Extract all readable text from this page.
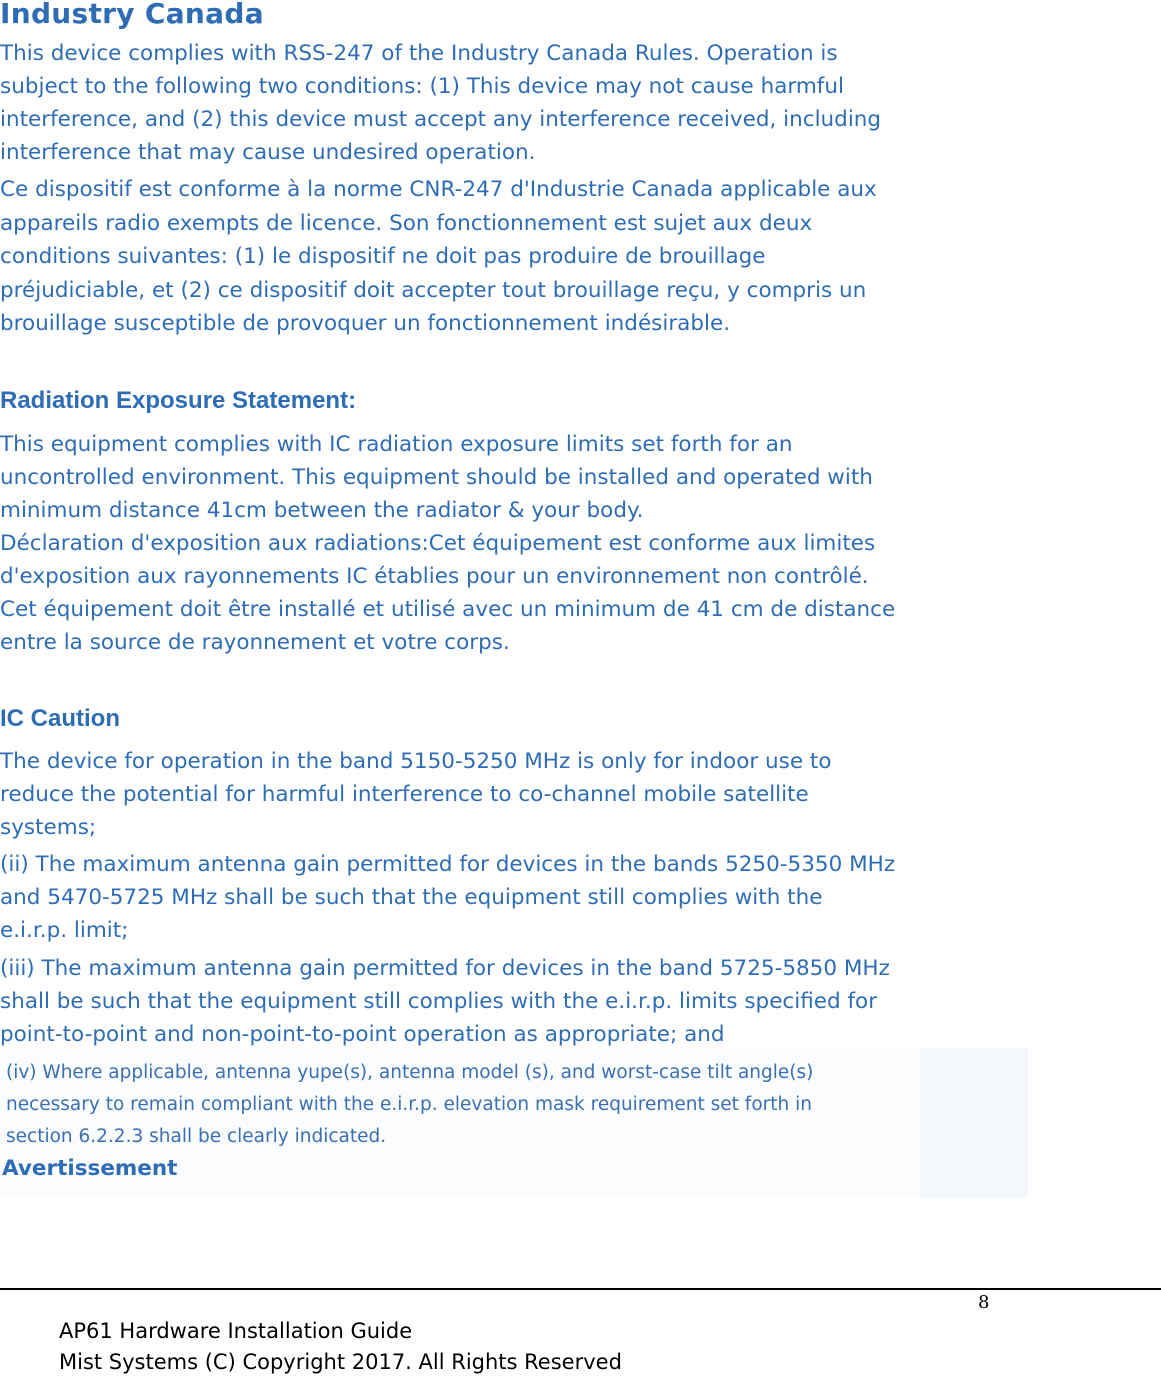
Industry Canada

This device complies with RSS-247 of the Industry Canada Rules. Operation is
subject to the following two conditions: (1) This device may not cause harmful
interference, and (2) this device must accept any interference received, including
interference that may cause undesired operation.

Ce dispositif est conforme à la norme CNR-247 d'Industrie Canada applicable aux
appareils radio exempts de licence. Son fonctionnement est sujet aux deux
conditions suivantes: (1) le dispositif ne doit pas produire de brouillage
préjudiciable, et (2) ce dispositif doit accepter tout brouillage reçu, y compris un
brouillage susceptible de provoquer un fonctionnement indésirable.

Radiation Exposure Statement:

This equipment complies with IC radiation exposure limits set forth for an
uncontrolled environment. This equipment should be installed and operated with
minimum distance 41cm between the radiator & your body.
Déclaration d'exposition aux radiations:Cet équipement est conforme aux limites
d'exposition aux rayonnements IC établies pour un environnement non contrôlé.
Cet équipement doit être installé et utilisé avec un minimum de 41 cm de distance
entre la source de rayonnement et votre corps.

IC Caution

The device for operation in the band 5150-5250 MHz is only for indoor use to
reduce the potential for harmful interference to co-channel mobile satellite
systems;

(ii) The maximum antenna gain permitted for devices in the bands 5250-5350 MHz
and 5470-5725 MHz shall be such that the equipment still complies with the
e.i.r.p. limit;

(iii) The maximum antenna gain permitted for devices in the band 5725-5850 MHz
shall be such that the equipment still complies with the e.i.r.p. limits specified for
point-to-point and non-point-to-point operation as appropriate; and

(iv) Where applicable, antenna yupe(s), antenna model (s), and worst-case tilt angle(s)
necessary to remain compliant with the e.i.r.p. elevation mask requirement set forth in
section 6.2.2.3 shall be clearly indicated.

Avertissement

8
AP61 Hardware Installation Guide
Mist Systems (C) Copyright 2017. All Rights Reserved
